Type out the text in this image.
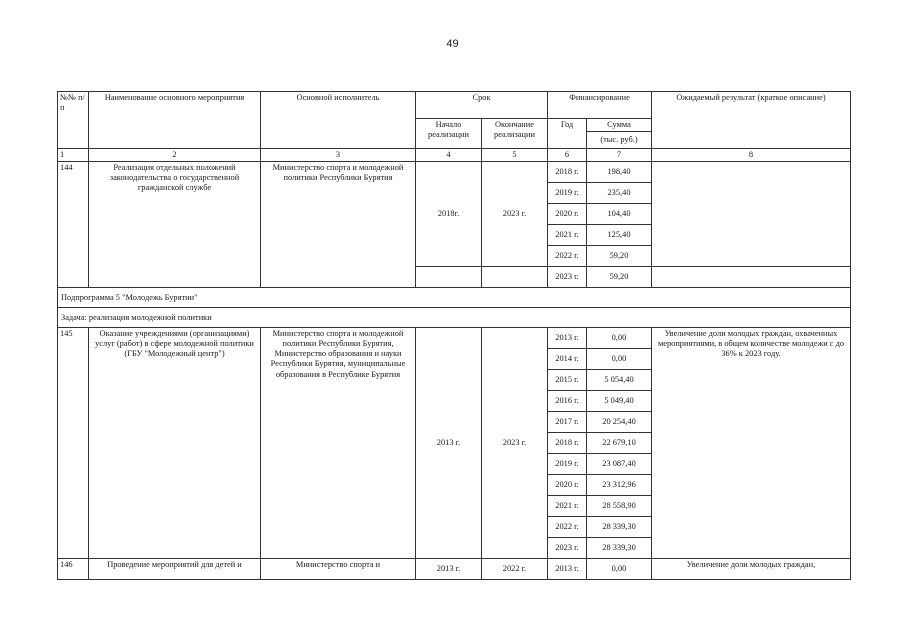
49
№№ п/п	Наименование основного мероприятия	Основной исполнитель	Срок		Финансирование		Ожидаемый результат (краткое описание)
			Начало реализации	Окончание реализации	Год	Сумма
(тыс. руб.)	

1	2	3	4	5	6	7	8
144	Реализация отдельных положений законодательства о государственной гражданской службе	Министерство спорта и молодежной политики Республики Бурятия	2018г.	2023 г.	2018 г.	198,40	
					2019 г.	235,40	
					2020 г.	104,40	
					2021 г.	125,40	
					2022 г.	59,20	
					2023 г.	59,20	
Подпрограмма 5 "Молодежь Бурятии"							
Задача: реализация молодежной политики							
145	Оказание учреждениями (организациями) услуг (работ) в сфере молодежной политики (ГБУ "Молодежный центр")	Министерство спорта и молодежной политики Республики Бурятия, Министерство образования и науки Республики Бурятия, муниципальные образования в Республике Бурятия	2013 г.	2023 г.	2013 г.	0,00	Увеличение доли молодых граждан, охваченных мероприятиями, в общем количестве молодежи с до 36% к 2023 году.
					2014 г.	0,00	
					2015 г.	5 054,40	
					2016 г.	5 049,40	
					2017 г.	20 254,40	
					2018 г.	22 679,10	
					2019 г.	23 087,40	
					2020 г.	23 312,96	
					2021 г.	28 558,90	
					2022 г.	28 339,30	
					2023 г.	28 339,30	
146	Проведение мероприятий для детей и	Министерство спорта и	2013 г.	2022 г.	2013 г.	0,00	Увеличение доли молодых граждан,
